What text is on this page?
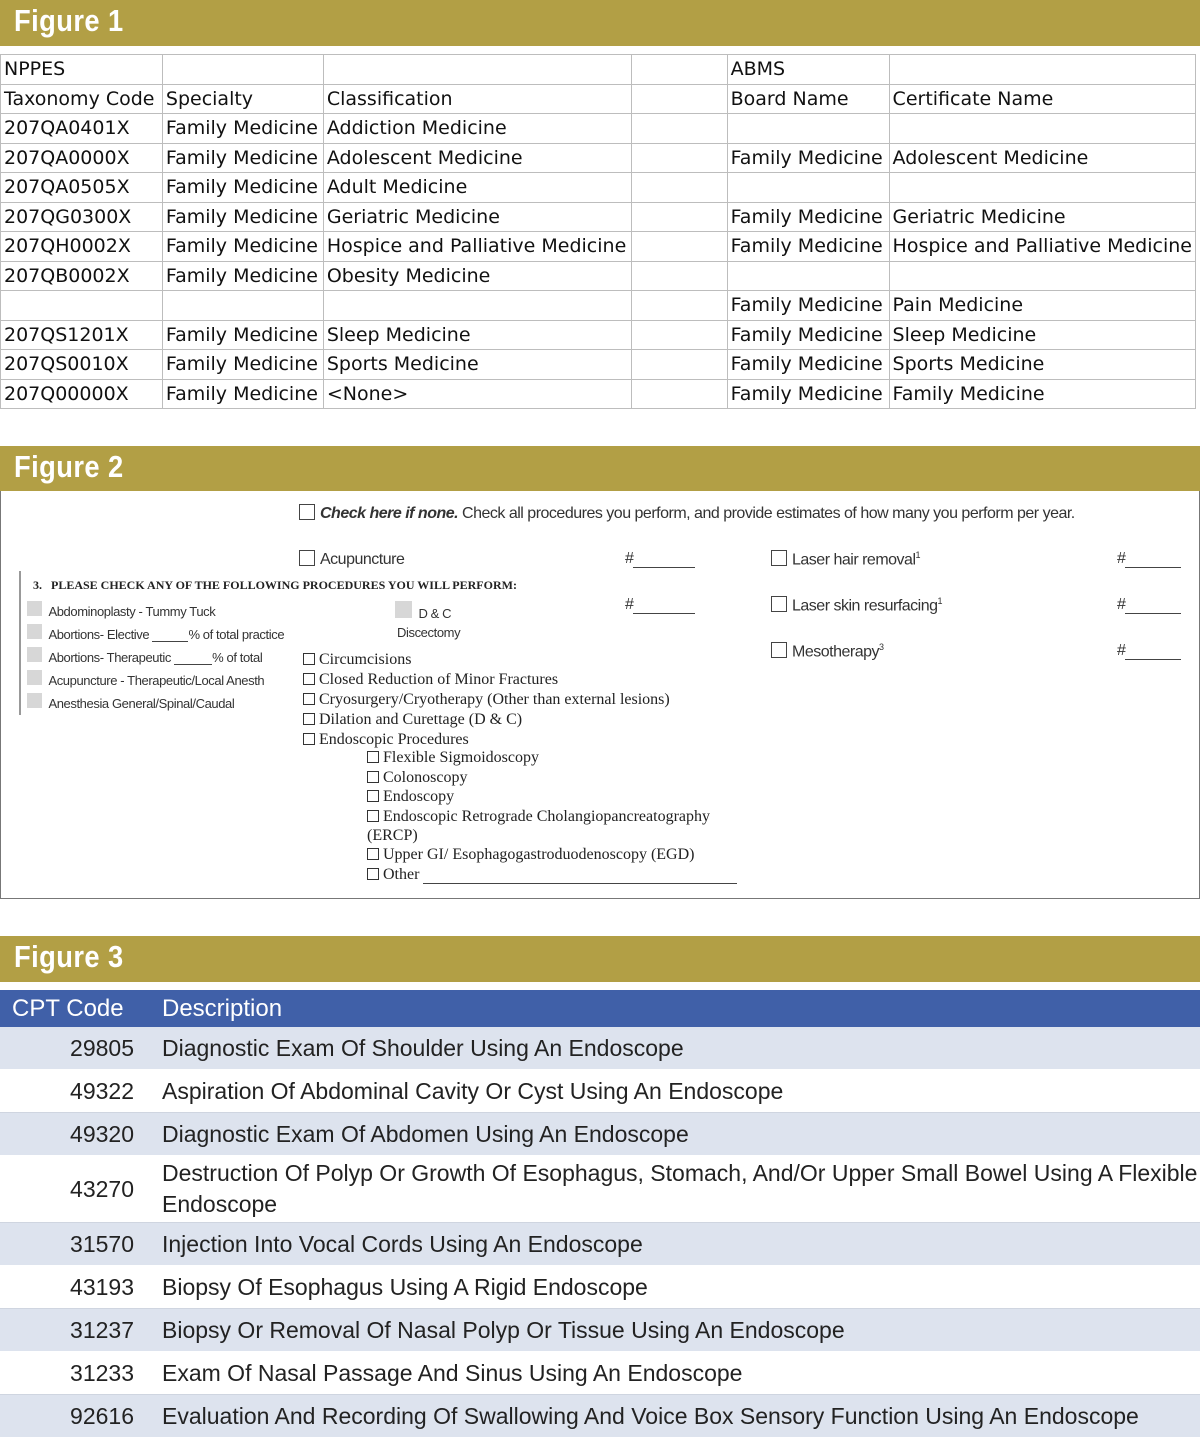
Figure 1
NPPES				ABMS	
Taxonomy Code	Specialty	Classification		Board Name	Certificate Name
207QA0401X	Family Medicine	Addiction Medicine			
207QA0000X	Family Medicine	Adolescent Medicine		Family Medicine	Adolescent Medicine
207QA0505X	Family Medicine	Adult Medicine			
207QG0300X	Family Medicine	Geriatric Medicine		Family Medicine	Geriatric Medicine
207QH0002X	Family Medicine	Hospice and Palliative Medicine		Family Medicine	Hospice and Palliative Medicine
207QB0002X	Family Medicine	Obesity Medicine			
				Family Medicine	Pain Medicine
207QS1201X	Family Medicine	Sleep Medicine		Family Medicine	Sleep Medicine
207QS0010X	Family Medicine	Sports Medicine		Family Medicine	Sports Medicine
207Q00000X	Family Medicine	<None>		Family Medicine	Family Medicine
Figure 2
Check here if none. Check all procedures you perform, and provide estimates of how many you perform per year.
Acupuncture	#
#
Laser hair removal$^1$	#
Laser skin resurfacing$^1$	#
Mesotherapy$^3$	#
3. PLEASE CHECK ANY OF THE FOLLOWING PROCEDURES YOU WILL PERFORM:
Abdominoplasty - Tummy Tuck
Abortions- Elective	% of total practice
Abortions- Therapeutic	% of total
Acupuncture - Therapeutic/Local Anesth
Anesthesia General/Spinal/Caudal
D & C
Discectomy
Circumcisions
Closed Reduction of Minor Fractures
Cryosurgery/Cryotherapy (Other than external lesions)
Dilation and Curettage (D & C)
Endoscopic Procedures
Flexible Sigmoidoscopy
Colonoscopy
Endoscopy
Endoscopic Retrograde Cholangiopancreatography
(ERCP)
Upper GI/ Esophagogastroduodenoscopy (EGD)
Other
Figure 3
CPT Code	Description
29805	Diagnostic Exam Of Shoulder Using An Endoscope
49322	Aspiration Of Abdominal Cavity Or Cyst Using An Endoscope
49320	Diagnostic Exam Of Abdomen Using An Endoscope
43270	Destruction Of Polyp Or Growth Of Esophagus, Stomach, And/Or Upper Small Bowel Using A Flexible Endoscope
31570	Injection Into Vocal Cords Using An Endoscope
43193	Biopsy Of Esophagus Using A Rigid Endoscope
31237	Biopsy Or Removal Of Nasal Polyp Or Tissue Using An Endoscope
31233	Exam Of Nasal Passage And Sinus Using An Endoscope
92616	Evaluation And Recording Of Swallowing And Voice Box Sensory Function Using An Endoscope
